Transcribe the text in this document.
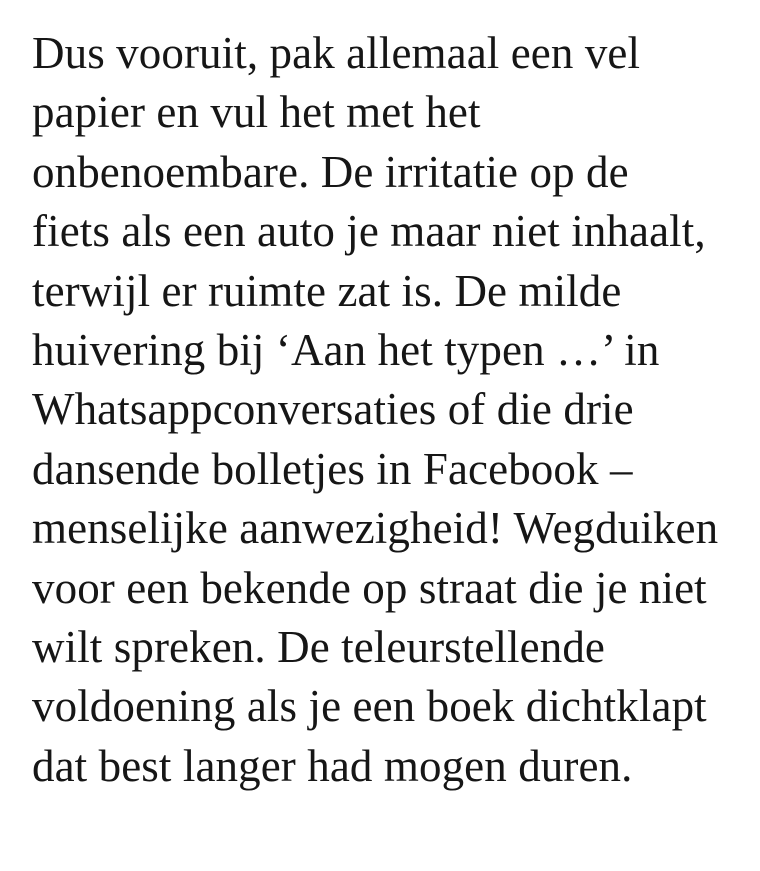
Dus vooruit, pak allemaal een vel
papier en vul het met het
onbenoembare. De irritatie op de
fiets als een auto je maar niet inhaalt,
terwijl er ruimte zat is. De milde
huivering bij ‘Aan het typen …’ in
Whatsappconversaties of die drie
dansende bolletjes in Facebook –
menselijke aanwezigheid! Wegduiken
voor een bekende op straat die je niet
wilt spreken. De teleurstellende
voldoening als je een boek dichtklapt
dat best langer had mogen duren.
